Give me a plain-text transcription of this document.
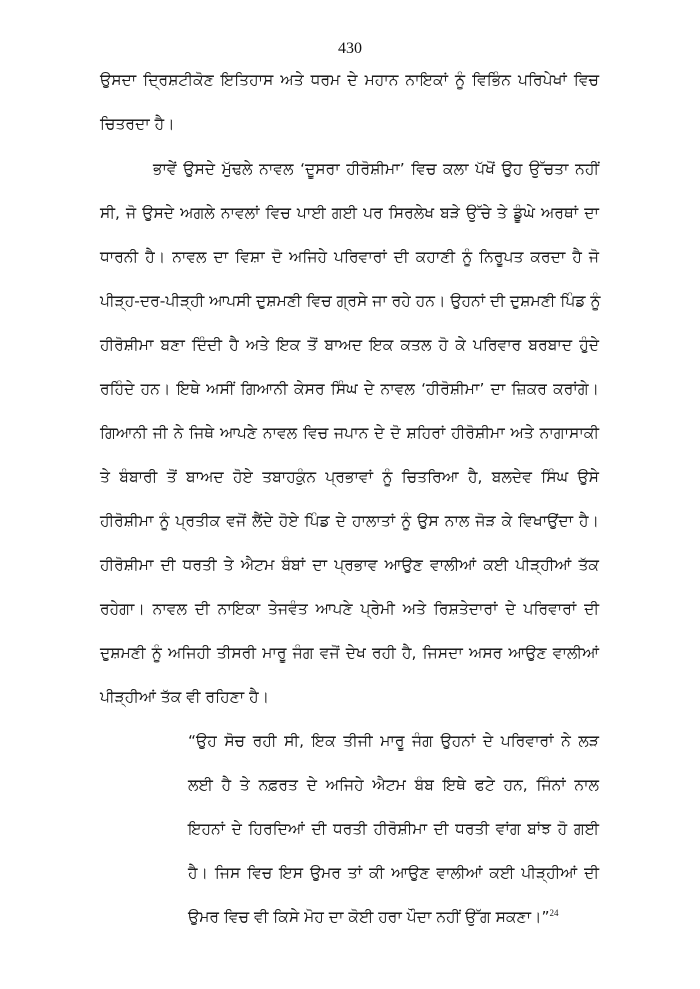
430
ਉਸਦਾ ਦ੍ਰਿਸ਼ਟੀਕੋਣ ਇਤਿਹਾਸ ਅਤੇ ਧਰਮ ਦੇ ਮਹਾਨ ਨਾਇਕਾਂ ਨੂੰ ਵਿਭਿੰਨ ਪਰਿਪੇਖਾਂ ਵਿਚ
ਚਿਤਰਦਾ ਹੈ।
ਭਾਵੇਂ ਉਸਦੇ ਮੁੱਢਲੇ ਨਾਵਲ ‘ਦੂਸਰਾ ਹੀਰੋਸ਼ੀਮਾ’ ਵਿਚ ਕਲਾ ਪੱਖੋਂ ਉਹ ਉੱਚਤਾ ਨਹੀਂ
ਸੀ, ਜੋ ਉਸਦੇ ਅਗਲੇ ਨਾਵਲਾਂ ਵਿਚ ਪਾਈ ਗਈ ਪਰ ਸਿਰਲੇਖ ਬੜੇ ਉੱਚੇ ਤੇ ਡੂੰਘੇ ਅਰਥਾਂ ਦਾ
ਧਾਰਨੀ ਹੈ। ਨਾਵਲ ਦਾ ਵਿਸ਼ਾ ਦੋ ਅਜਿਹੇ ਪਰਿਵਾਰਾਂ ਦੀ ਕਹਾਣੀ ਨੂੰ ਨਿਰੂਪਤ ਕਰਦਾ ਹੈ ਜੋ
ਪੀੜ੍ਹ-ਦਰ-ਪੀੜ੍ਹੀ ਆਪਸੀ ਦੁਸ਼ਮਣੀ ਵਿਚ ਗ੍ਰਸੇ ਜਾ ਰਹੇ ਹਨ। ਉਹਨਾਂ ਦੀ ਦੁਸ਼ਮਣੀ ਪਿੰਡ ਨੂੰ
ਹੀਰੋਸ਼ੀਮਾ ਬਣਾ ਦਿੰਦੀ ਹੈ ਅਤੇ ਇਕ ਤੋਂ ਬਾਅਦ ਇਕ ਕਤਲ ਹੋ ਕੇ ਪਰਿਵਾਰ ਬਰਬਾਦ ਹੁੰਦੇ
ਰਹਿੰਦੇ ਹਨ। ਇਥੇ ਅਸੀਂ ਗਿਆਨੀ ਕੇਸਰ ਸਿੰਘ ਦੇ ਨਾਵਲ ‘ਹੀਰੋਸ਼ੀਮਾ’ ਦਾ ਜ਼ਿਕਰ ਕਰਾਂਗੇ।
ਗਿਆਨੀ ਜੀ ਨੇ ਜਿਥੇ ਆਪਣੇ ਨਾਵਲ ਵਿਚ ਜਪਾਨ ਦੇ ਦੋ ਸ਼ਹਿਰਾਂ ਹੀਰੋਸ਼ੀਮਾ ਅਤੇ ਨਾਗਾਸਾਕੀ
ਤੇ ਬੰਬਾਰੀ ਤੋਂ ਬਾਅਦ ਹੋਏ ਤਬਾਹਕੁੰਨ ਪ੍ਰਭਾਵਾਂ ਨੂੰ ਚਿਤਰਿਆ ਹੈ, ਬਲਦੇਵ ਸਿੰਘ ਉਸੇ
ਹੀਰੋਸ਼ੀਮਾ ਨੂੰ ਪ੍ਰਤੀਕ ਵਜੋਂ ਲੈਂਦੇ ਹੋਏ ਪਿੰਡ ਦੇ ਹਾਲਾਤਾਂ ਨੂੰ ਉਸ ਨਾਲ ਜੋੜ ਕੇ ਵਿਖਾਉਂਦਾ ਹੈ।
ਹੀਰੋਸ਼ੀਮਾ ਦੀ ਧਰਤੀ ਤੇ ਐਟਮ ਬੰਬਾਂ ਦਾ ਪ੍ਰਭਾਵ ਆਉਣ ਵਾਲੀਆਂ ਕਈ ਪੀੜ੍ਹੀਆਂ ਤੱਕ
ਰਹੇਗਾ। ਨਾਵਲ ਦੀ ਨਾਇਕਾ ਤੇਜਵੰਤ ਆਪਣੇ ਪ੍ਰੇਮੀ ਅਤੇ ਰਿਸ਼ਤੇਦਾਰਾਂ ਦੇ ਪਰਿਵਾਰਾਂ ਦੀ
ਦੁਸ਼ਮਣੀ ਨੂੰ ਅਜਿਹੀ ਤੀਸਰੀ ਮਾਰੂ ਜੰਗ ਵਜੋਂ ਦੇਖ ਰਹੀ ਹੈ, ਜਿਸਦਾ ਅਸਰ ਆਉਣ ਵਾਲੀਆਂ
ਪੀੜ੍ਹੀਆਂ ਤੱਕ ਵੀ ਰਹਿਣਾ ਹੈ।
“ਉਹ ਸੋਚ ਰਹੀ ਸੀ, ਇਕ ਤੀਜੀ ਮਾਰੂ ਜੰਗ ਉਹਨਾਂ ਦੇ ਪਰਿਵਾਰਾਂ ਨੇ ਲੜ
ਲਈ ਹੈ ਤੇ ਨਫ਼ਰਤ ਦੇ ਅਜਿਹੇ ਐਟਮ ਬੰਬ ਇਥੇ ਫਟੇ ਹਨ, ਜਿੰਨਾਂ ਨਾਲ
ਇਹਨਾਂ ਦੇ ਹਿਰਦਿਆਂ ਦੀ ਧਰਤੀ ਹੀਰੋਸ਼ੀਮਾ ਦੀ ਧਰਤੀ ਵਾਂਗ ਬਾਂਝ ਹੋ ਗਈ
ਹੈ। ਜਿਸ ਵਿਚ ਇਸ ਉਮਰ ਤਾਂ ਕੀ ਆਉਣ ਵਾਲੀਆਂ ਕਈ ਪੀੜ੍ਹੀਆਂ ਦੀ
ਉਮਰ ਵਿਚ ਵੀ ਕਿਸੇ ਮੋਹ ਦਾ ਕੋਈ ਹਰਾ ਪੌਦਾ ਨਹੀਂ ਉੱਗ ਸਕਣਾ।”$^{24}$
